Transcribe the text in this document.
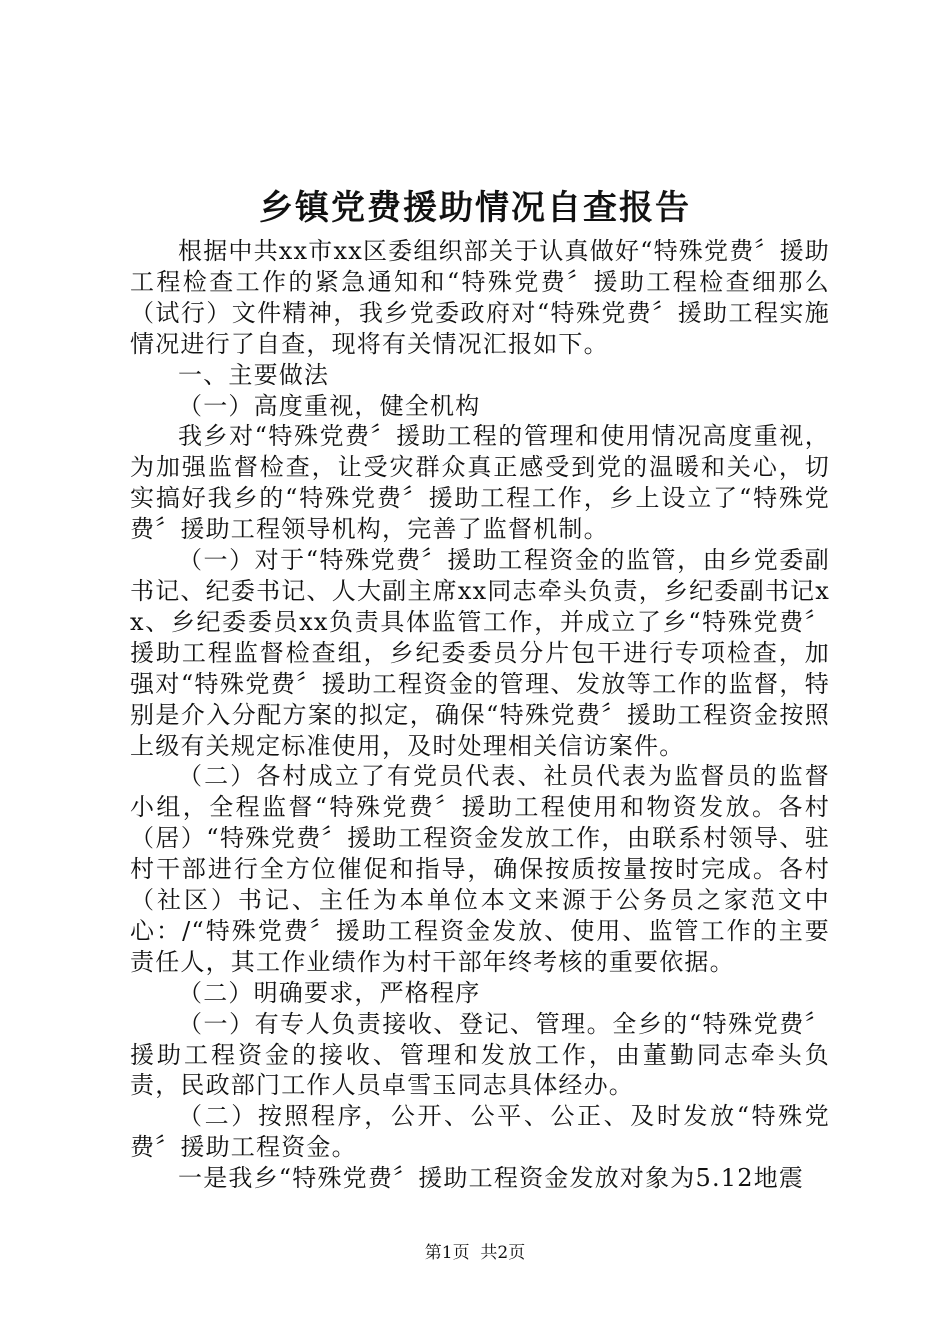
乡镇党费援助情况自查报告

根据中共xx市xx区委组织部关于认真做好“特殊党费〞援助工程检查工作的紧急通知和“特殊党费〞援助工程检查细那么（试行）文件精神，我乡党委政府对“特殊党费〞援助工程实施情况进行了自查，现将有关情况汇报如下。

一、主要做法

（一）高度重视，健全机构

我乡对“特殊党费〞援助工程的管理和使用情况高度重视，为加强监督检查，让受灾群众真正感受到党的温暖和关心，切实搞好我乡的“特殊党费〞援助工程工作，乡上设立了“特殊党费〞援助工程领导机构，完善了监督机制。

（一）对于“特殊党费〞援助工程资金的监管，由乡党委副书记、纪委书记、人大副主席xx同志牵头负责，乡纪委副书记xx、乡纪委委员xx负责具体监管工作，并成立了乡“特殊党费〞援助工程监督检查组，乡纪委委员分片包干进行专项检查，加强对“特殊党费〞援助工程资金的管理、发放等工作的监督，特别是介入分配方案的拟定，确保“特殊党费〞援助工程资金按照上级有关规定标准使用，及时处理相关信访案件。

（二）各村成立了有党员代表、社员代表为监督员的监督小组，全程监督“特殊党费〞援助工程使用和物资发放。各村（居）“特殊党费〞援助工程资金发放工作，由联系村领导、驻村干部进行全方位催促和指导，确保按质按量按时完成。各村（社区）书记、主任为本单位本文来源于公务员之家范文中心：/“特殊党费〞援助工程资金发放、使用、监管工作的主要责任人，其工作业绩作为村干部年终考核的重要依据。

（二）明确要求，严格程序

（一）有专人负责接收、登记、管理。全乡的“特殊党费〞援助工程资金的接收、管理和发放工作，由董勤同志牵头负责，民政部门工作人员卓雪玉同志具体经办。

（二）按照程序，公开、公平、公正、及时发放“特殊党费〞援助工程资金。

一是我乡“特殊党费〞援助工程资金发放对象为5.12地震

第1页 共2页
